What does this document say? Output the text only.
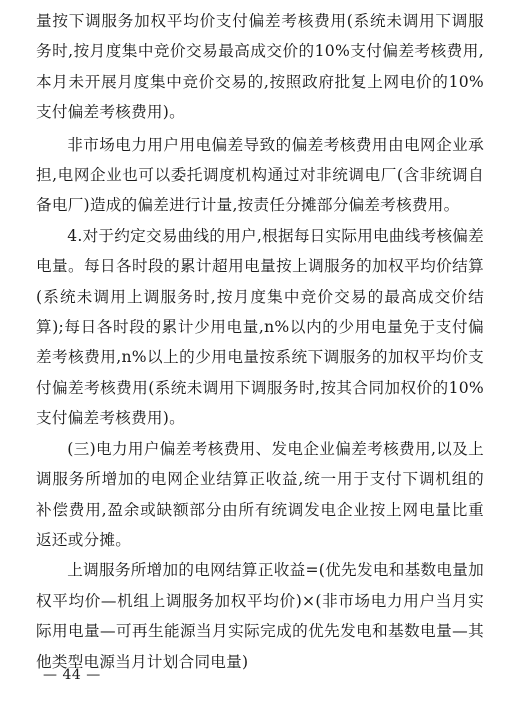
量按下调服务加权平均价支付偏差考核费用(系统未调用下调服务时,按月度集中竞价交易最高成交价的10%支付偏差考核费用,本月未开展月度集中竞价交易的,按照政府批复上网电价的10%支付偏差考核费用)。

非市场电力用户用电偏差导致的偏差考核费用由电网企业承担,电网企业也可以委托调度机构通过对非统调电厂(含非统调自备电厂)造成的偏差进行计量,按责任分摊部分偏差考核费用。

4.对于约定交易曲线的用户,根据每日实际用电曲线考核偏差电量。每日各时段的累计超用电量按上调服务的加权平均价结算(系统未调用上调服务时,按月度集中竞价交易的最高成交价结算);每日各时段的累计少用电量,n%以内的少用电量免于支付偏差考核费用,n%以上的少用电量按系统下调服务的加权平均价支付偏差考核费用(系统未调用下调服务时,按其合同加权价的10%支付偏差考核费用)。

(三)电力用户偏差考核费用、发电企业偏差考核费用,以及上调服务所增加的电网企业结算正收益,统一用于支付下调机组的补偿费用,盈余或缺额部分由所有统调发电企业按上网电量比重返还或分摊。

上调服务所增加的电网结算正收益=(优先发电和基数电量加权平均价—机组上调服务加权平均价)×(非市场电力用户当月实际用电量—可再生能源当月实际完成的优先发电和基数电量—其他类型电源当月计划合同电量)

— 44 —
